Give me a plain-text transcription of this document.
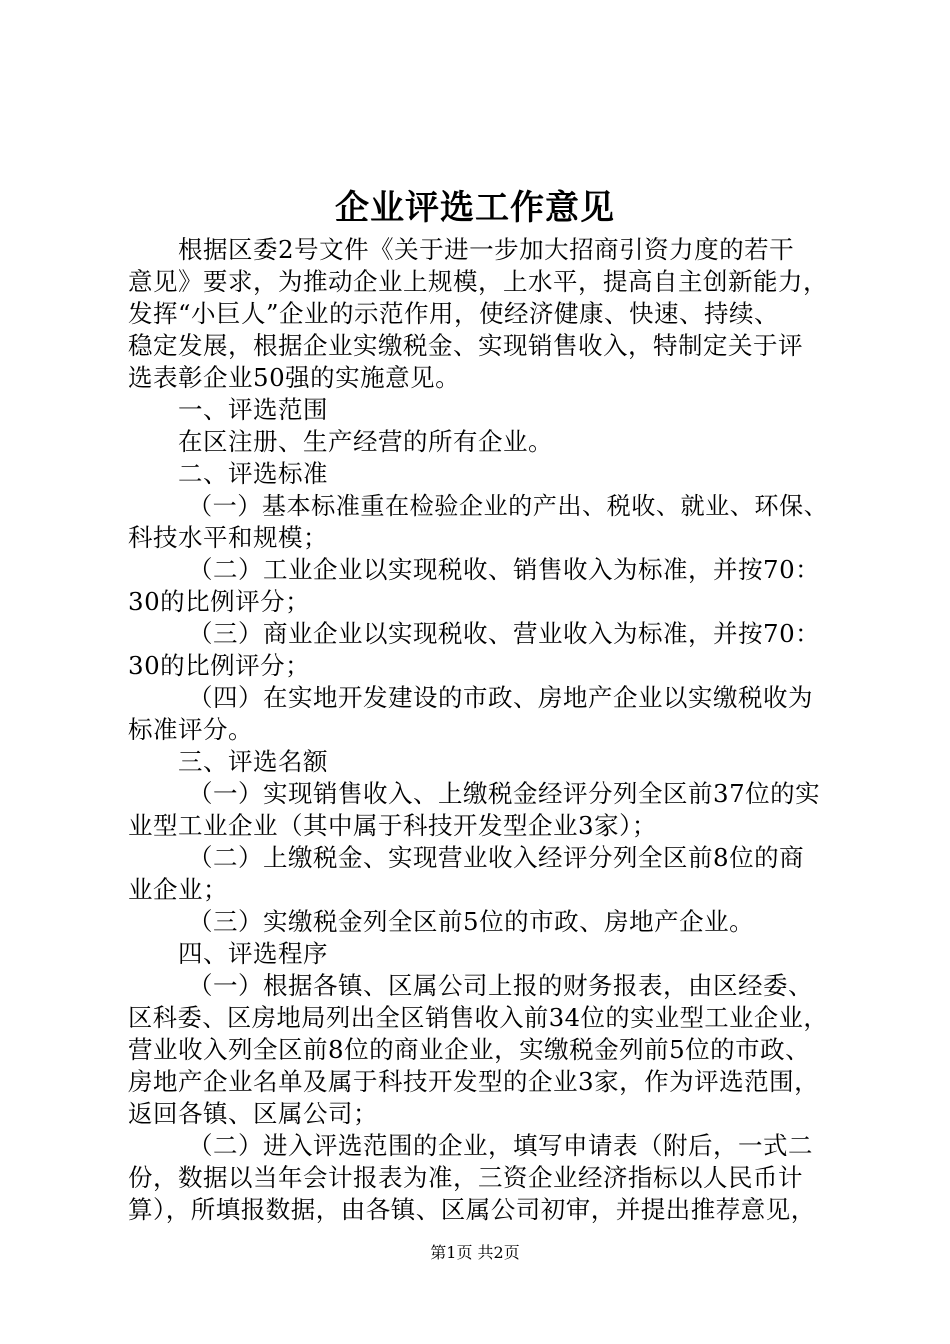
企业评选工作意见
根据区委2号文件《关于进一步加大招商引资力度的若干
意见》要求，为推动企业上规模，上水平，提高自主创新能力，
发挥“小巨人”企业的示范作用，使经济健康、快速、持续、
稳定发展，根据企业实缴税金、实现销售收入，特制定关于评
选表彰企业50强的实施意见。
一、评选范围
在区注册、生产经营的所有企业。
二、评选标准
（一）基本标准重在检验企业的产出、税收、就业、环保、
科技水平和规模；
（二）工业企业以实现税收、销售收入为标准，并按70：
30的比例评分；
（三）商业企业以实现税收、营业收入为标准，并按70：
30的比例评分；
（四）在实地开发建设的市政、房地产企业以实缴税收为
标准评分。
三、评选名额
（一）实现销售收入、上缴税金经评分列全区前37位的实
业型工业企业（其中属于科技开发型企业3家）；
（二）上缴税金、实现营业收入经评分列全区前8位的商
业企业；
（三）实缴税金列全区前5位的市政、房地产企业。
四、评选程序
（一）根据各镇、区属公司上报的财务报表，由区经委、
区科委、区房地局列出全区销售收入前34位的实业型工业企业，
营业收入列全区前8位的商业企业，实缴税金列前5位的市政、
房地产企业名单及属于科技开发型的企业3家，作为评选范围，
返回各镇、区属公司；
（二）进入评选范围的企业，填写申请表（附后，一式二
份，数据以当年会计报表为准，三资企业经济指标以人民币计
算），所填报数据，由各镇、区属公司初审，并提出推荐意见，
第1页 共2页
